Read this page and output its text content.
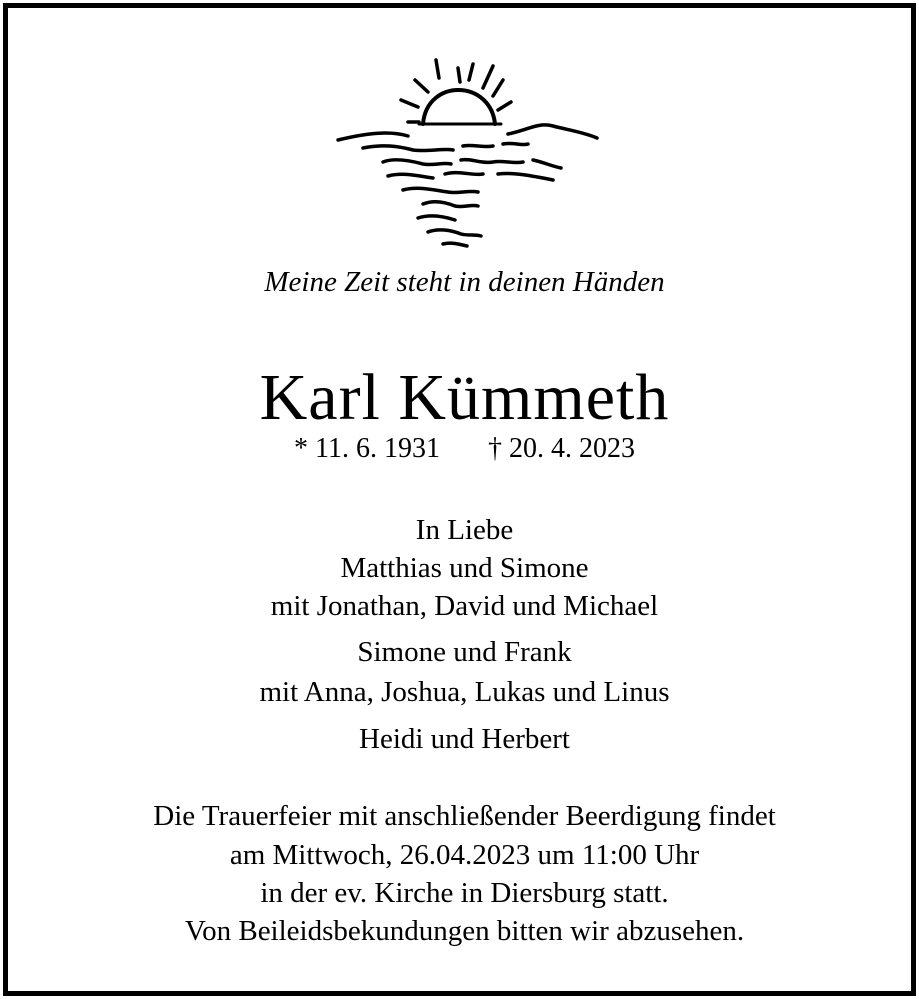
Meine Zeit steht in deinen Händen
Karl Kümmeth
* 11. 6. 1931 † 20. 4. 2023
In Liebe
Matthias und Simone
mit Jonathan, David und Michael
Simone und Frank
mit Anna, Joshua, Lukas und Linus
Heidi und Herbert
Die Trauerfeier mit anschließender Beerdigung findet
am Mittwoch, 26.04.2023 um 11:00 Uhr
in der ev. Kirche in Diersburg statt.
Von Beileidsbekundungen bitten wir abzusehen.
